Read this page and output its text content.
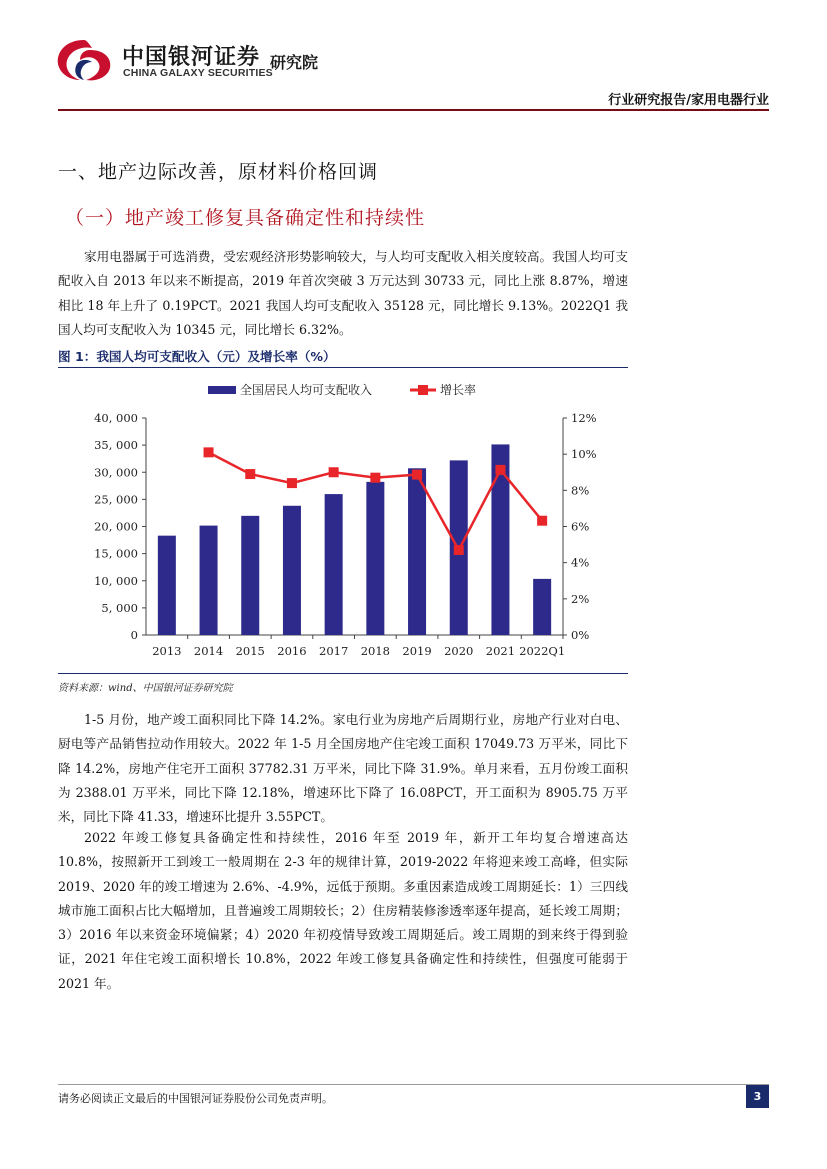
中国银河证券
CHINA GALAXY SECURITIES
研究院
行业研究报告/家用电器行业
一、地产边际改善，原材料价格回调
（一）地产竣工修复具备确定性和持续性
家用电器属于可选消费，受宏观经济形势影响较大，与人均可支配收入相关度较高。我国人均可支配收入自 2013 年以来不断提高，2019 年首次突破 3 万元达到 30733 元，同比上涨 8.87%，增速相比 18 年上升了 0.19PCT。2021 我国人均可支配收入 35128 元，同比增长 9.13%。2022Q1 我国人均可支配收入为 10345 元，同比增长 6.32%。
图 1：我国人均可支配收入（元）及增长率（%）
全国居民人均可支配收入	增长率
0
5, 000
10, 000
15, 000
20, 000
25, 000
30, 000
35, 000
40, 000
0%
2%
4%
6%
8%
10%
12%
2013 2014 2015 2016 2017 2018 2019 2020 2021 2022Q1
资料来源：wind、中国银河证券研究院
1-5 月份，地产竣工面积同比下降 14.2%。家电行业为房地产后周期行业，房地产行业对白电、厨电等产品销售拉动作用较大。2022 年 1-5 月全国房地产住宅竣工面积 17049.73 万平米，同比下降 14.2%，房地产住宅开工面积 37782.31 万平米，同比下降 31.9%。单月来看，五月份竣工面积为 2388.01 万平米，同比下降 12.18%，增速环比下降了 16.08PCT，开工面积为 8905.75 万平米，同比下降 41.33，增速环比提升 3.55PCT。
2022 年竣工修复具备确定性和持续性，2016 年至 2019 年，新开工年均复合增速高达 10.8%，按照新开工到竣工一般周期在 2-3 年的规律计算，2019-2022 年将迎来竣工高峰，但实际 2019、2020 年的竣工增速为 2.6%、-4.9%，远低于预期。多重因素造成竣工周期延长：1）三四线城市施工面积占比大幅增加，且普遍竣工周期较长；2）住房精装修渗透率逐年提高，延长竣工周期；3）2016 年以来资金环境偏紧；4）2020 年初疫情导致竣工周期延后。竣工周期的到来终于得到验证，2021 年住宅竣工面积增长 10.8%，2022 年竣工修复具备确定性和持续性，但强度可能弱于 2021 年。
请务必阅读正文最后的中国银河证券股份公司免责声明。	3
